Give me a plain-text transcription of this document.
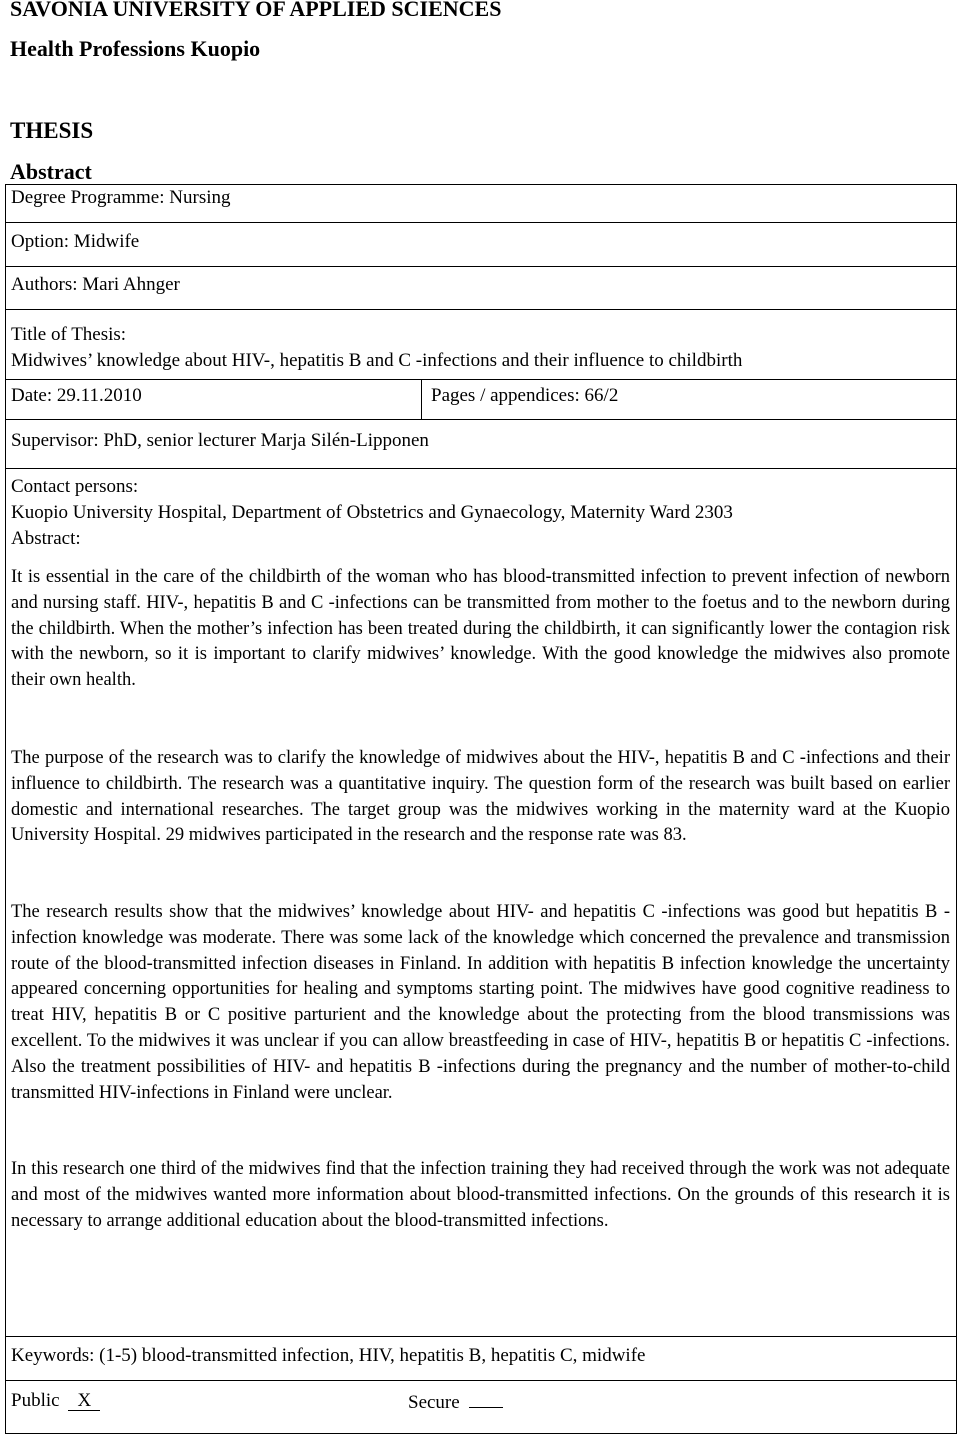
SAVONIA UNIVERSITY OF APPLIED SCIENCES
Health Professions Kuopio
THESIS
Abstract
Degree Programme: Nursing
Option: Midwife
Authors: Mari Ahnger
Title of Thesis:
Midwives’ knowledge about HIV-, hepatitis B and C -infections and their influence to childbirth
Date: 29.11.2010	Pages / appendices: 66/2
Supervisor: PhD, senior lecturer Marja Silén-Lipponen
Contact persons:
Kuopio University Hospital, Department of Obstetrics and Gynaecology, Maternity Ward 2303
Abstract:

It is essential in the care of the childbirth of the woman who has blood-transmitted infection to prevent infection of newborn and nursing staff. HIV-, hepatitis B and C -infections can be transmitted from mother to the foetus and to the newborn during the childbirth. When the mother’s infection has been treated during the childbirth, it can significantly lower the contagion risk with the newborn, so it is important to clarify midwives’ knowledge. With the good knowledge the midwives also promote their own health.

The purpose of the research was to clarify the knowledge of midwives about the HIV-, hepatitis B and C -infections and their influence to childbirth. The research was a quantitative inquiry. The question form of the research was built based on earlier domestic and international researches. The target group was the midwives working in the maternity ward at the Kuopio University Hospital. 29 midwives participated in the research and the response rate was 83.

The research results show that the midwives’ knowledge about HIV- and hepatitis C -infections was good but hepatitis B -infection knowledge was moderate. There was some lack of the knowledge which concerned the prevalence and transmission route of the blood-transmitted infection diseases in Finland. In addition with hepatitis B infection knowledge the uncertainty appeared concerning opportunities for healing and symptoms starting point. The midwives have good cognitive readiness to treat HIV, hepatitis B or C positive parturient and the knowledge about the protecting from the blood transmissions was excellent. To the midwives it was unclear if you can allow breastfeeding in case of HIV-, hepatitis B or hepatitis C -infections. Also the treatment possibilities of HIV- and hepatitis B -infections during the pregnancy and the number of mother-to-child transmitted HIV-infections in Finland were unclear.

In this research one third of the midwives find that the infection training they had received through the work was not adequate and most of the midwives wanted more information about blood-transmitted infections. On the grounds of this research it is necessary to arrange additional education about the blood-transmitted infections.

Keywords: (1-5) blood-transmitted infection, HIV, hepatitis B, hepatitis C, midwife
Public X	Secure
